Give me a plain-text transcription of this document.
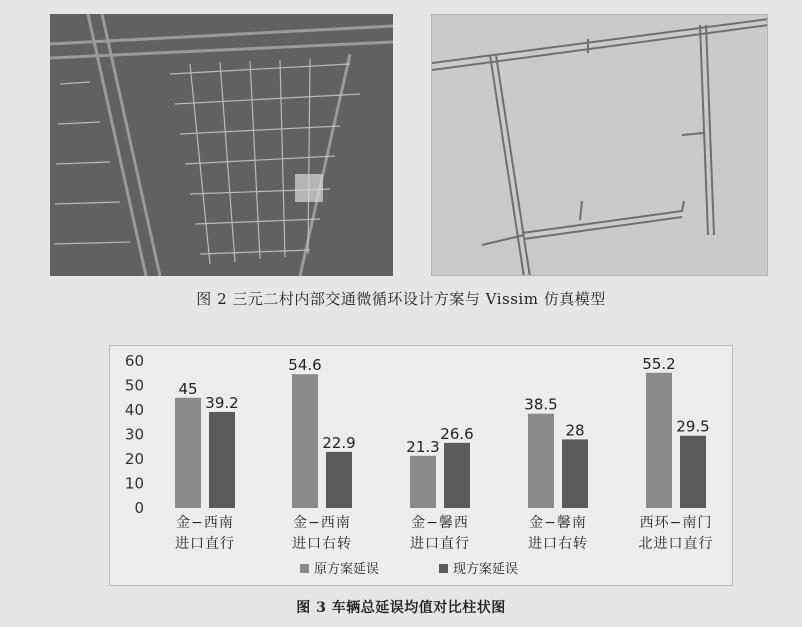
图 2 三元二村内部交通微循环设计方案与 Vissim 仿真模型
0
10
20
30
40
50
60
45
54.6
21.3
38.5
55.2
39.2
22.9
26.6	28	29.5
金−西南
进口直行
金−西南
进口右转
金−馨西
进口直行
金−馨南
进口右转
西环−南门
北进口直行
原方案延误	现方案延误
图 3 车辆总延误均值对比柱状图
